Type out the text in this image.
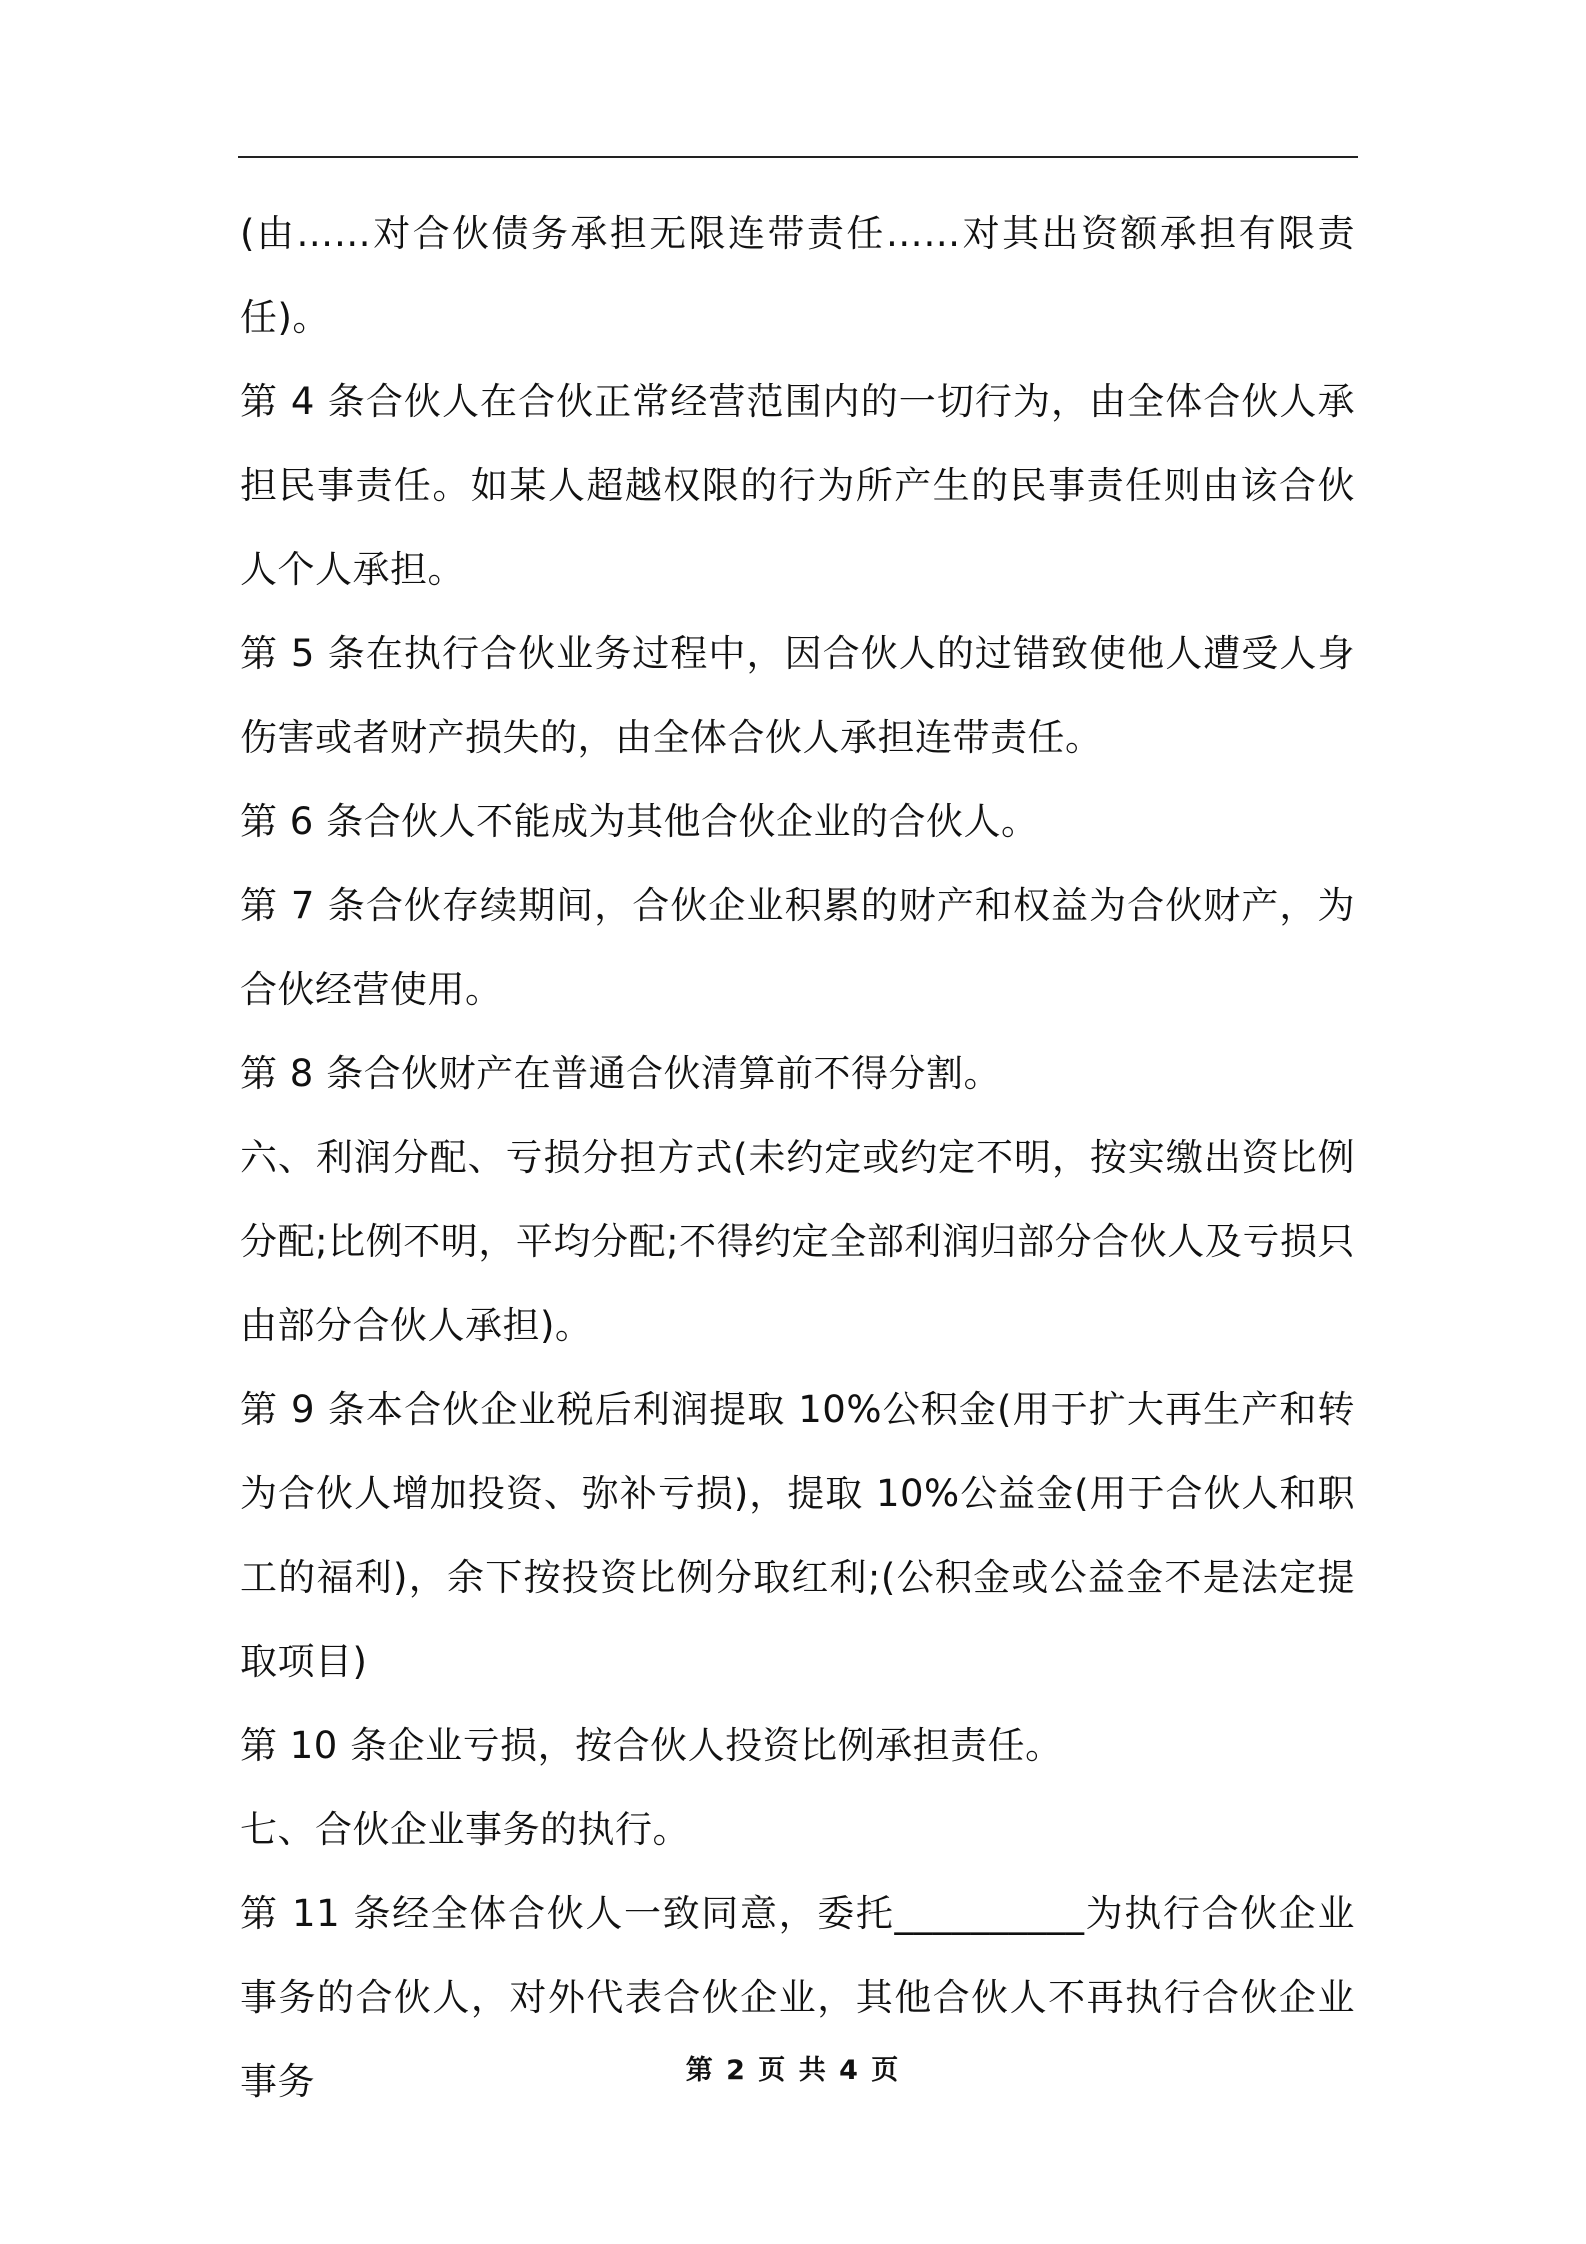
(由……对合伙债务承担无限连带责任……对其出资额承担有限责任)。

第 4 条合伙人在合伙正常经营范围内的一切行为，由全体合伙人承担民事责任。如某人超越权限的行为所产生的民事责任则由该合伙人个人承担。

第 5 条在执行合伙业务过程中，因合伙人的过错致使他人遭受人身伤害或者财产损失的，由全体合伙人承担连带责任。

第 6 条合伙人不能成为其他合伙企业的合伙人。

第 7 条合伙存续期间，合伙企业积累的财产和权益为合伙财产，为合伙经营使用。

第 8 条合伙财产在普通合伙清算前不得分割。

六、利润分配、亏损分担方式(未约定或约定不明，按实缴出资比例分配;比例不明，平均分配;不得约定全部利润归部分合伙人及亏损只由部分合伙人承担)。

第 9 条本合伙企业税后利润提取 10%公积金(用于扩大再生产和转为合伙人增加投资、弥补亏损)，提取 10%公益金(用于合伙人和职工的福利)，余下按投资比例分取红利;(公积金或公益金不是法定提取项目)

第 10 条企业亏损，按合伙人投资比例承担责任。

七、合伙企业事务的执行。

第 11 条经全体合伙人一致同意，委托__________为执行合伙企业事务的合伙人，对外代表合伙企业，其他合伙人不再执行合伙企业事务	第 2 页 共 4 页
